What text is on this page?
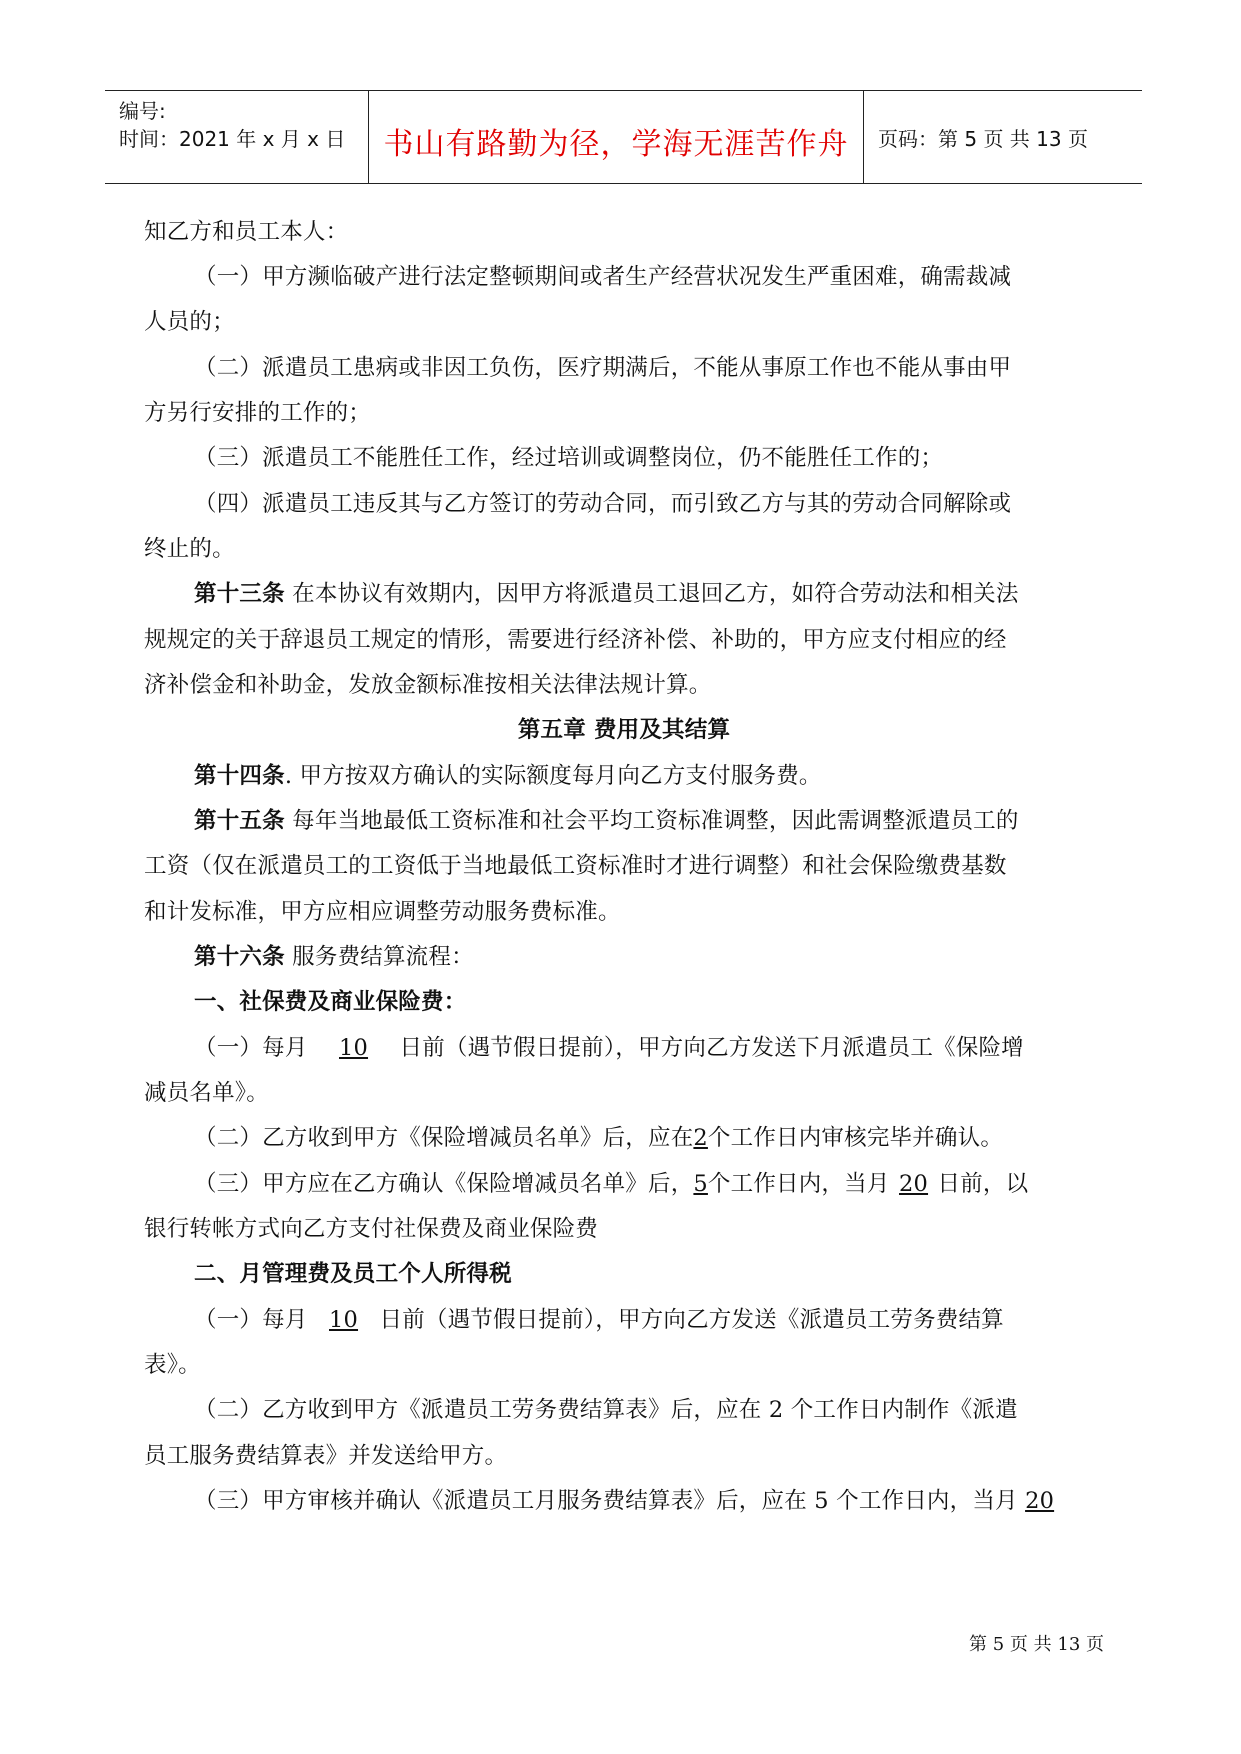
编号:
时间：2021 年 x 月 x 日	书山有路勤为径，学海无涯苦作舟	页码：第 5 页 共 13 页
知乙方和员工本人：
（一）甲方濒临破产进行法定整顿期间或者生产经营状况发生严重困难，确需裁减
人员的；
（二）派遣员工患病或非因工负伤，医疗期满后，不能从事原工作也不能从事由甲
方另行安排的工作的；
（三）派遣员工不能胜任工作，经过培训或调整岗位，仍不能胜任工作的；
（四）派遣员工违反其与乙方签订的劳动合同，而引致乙方与其的劳动合同解除或
终止的。
第十三条 在本协议有效期内，因甲方将派遣员工退回乙方，如符合劳动法和相关法
规规定的关于辞退员工规定的情形，需要进行经济补偿、补助的，甲方应支付相应的经
济补偿金和补助金，发放金额标准按相关法律法规计算。
第五章 费用及其结算
第十四条. 甲方按双方确认的实际额度每月向乙方支付服务费。
第十五条 每年当地最低工资标准和社会平均工资标准调整，因此需调整派遣员工的
工资（仅在派遣员工的工资低于当地最低工资标准时才进行调整）和社会保险缴费基数
和计发标准，甲方应相应调整劳动服务费标准。
第十六条 服务费结算流程：
一、社保费及商业保险费：
（一）每月 10 日前（遇节假日提前），甲方向乙方发送下月派遣员工《保险增
减员名单》。
（二）乙方收到甲方《保险增减员名单》后，应在2个工作日内审核完毕并确认。
（三）甲方应在乙方确认《保险增减员名单》后，5个工作日内，当月 20 日前，以
银行转帐方式向乙方支付社保费及商业保险费
二、月管理费及员工个人所得税
（一）每月 10 日前（遇节假日提前），甲方向乙方发送《派遣员工劳务费结算
表》。
（二）乙方收到甲方《派遣员工劳务费结算表》后，应在 2 个工作日内制作《派遣
员工服务费结算表》并发送给甲方。
（三）甲方审核并确认《派遣员工月服务费结算表》后，应在 5 个工作日内，当月 20
第 5 页 共 13 页
